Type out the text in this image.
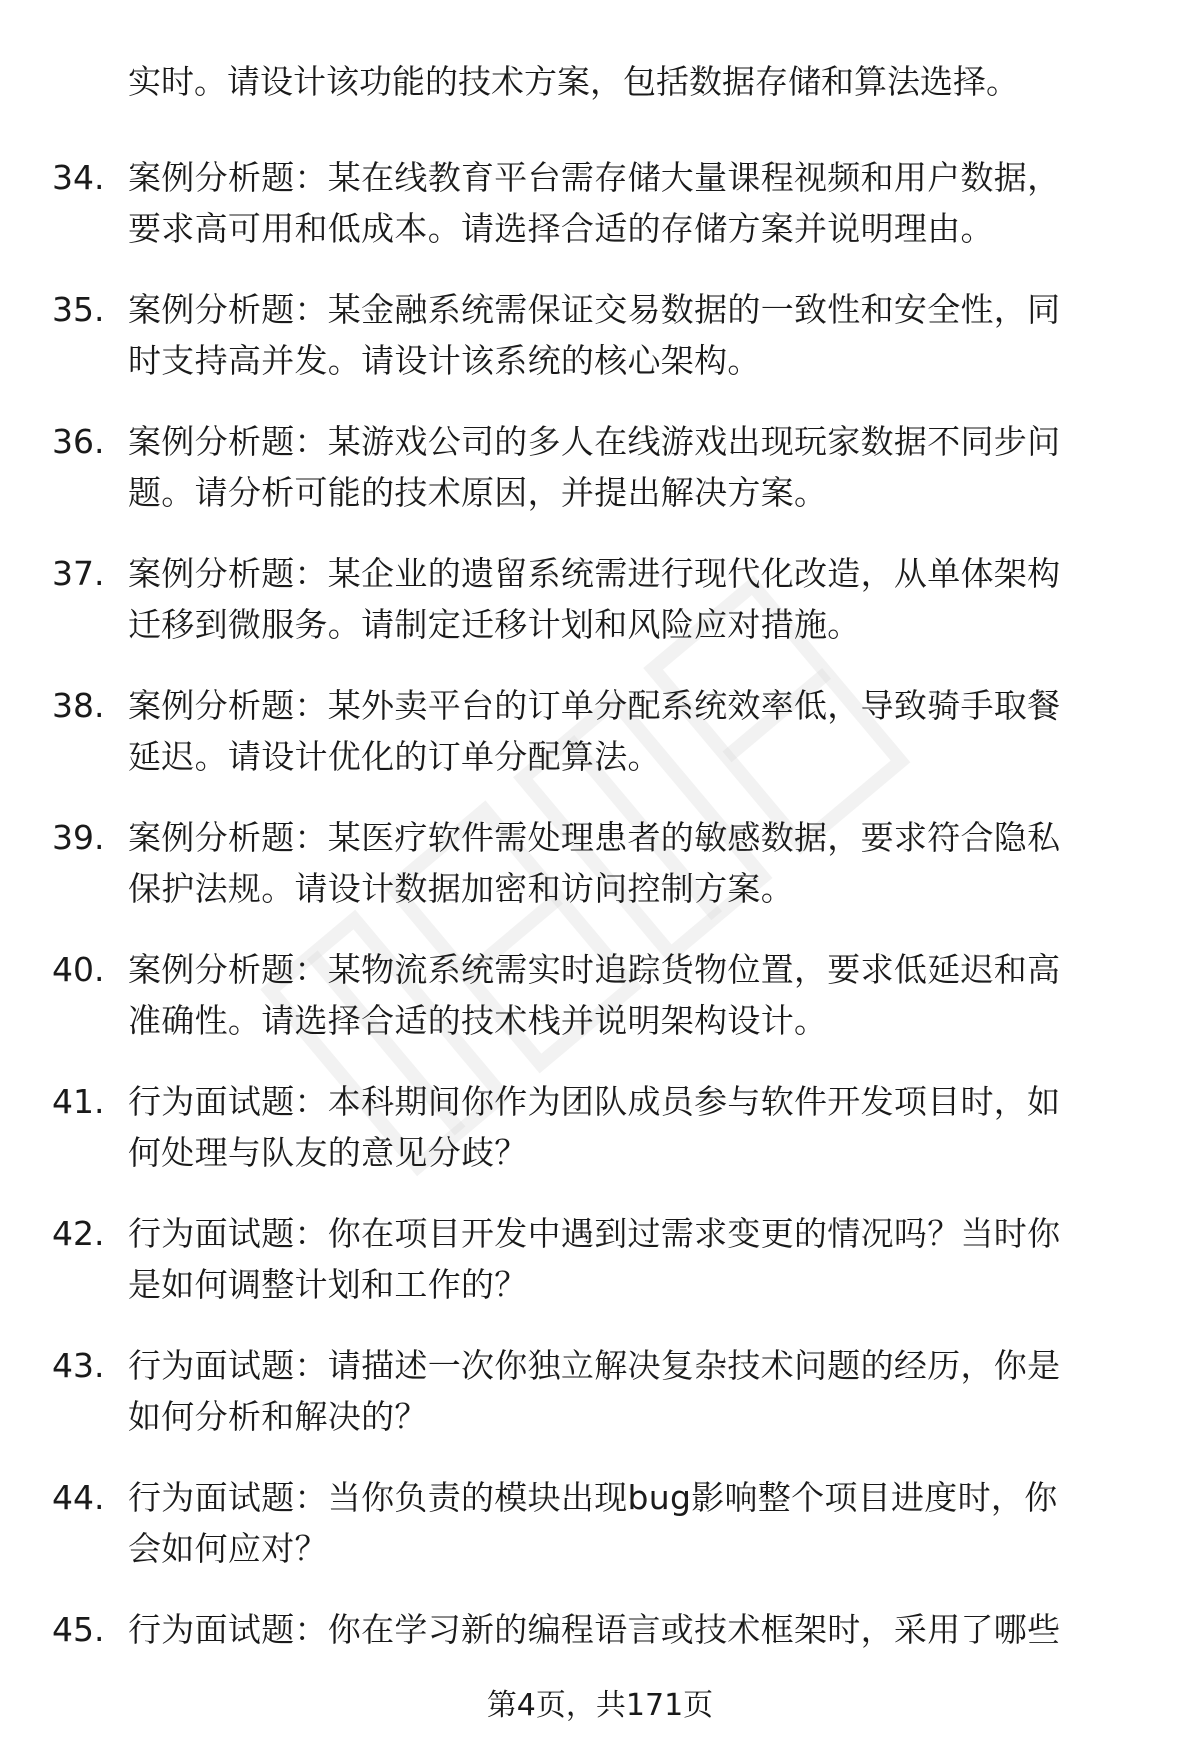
实时。请设计该功能的技术方案，包括数据存储和算法选择。
34. 案例分析题：某在线教育平台需存储大量课程视频和用户数据，
要求高可用和低成本。请选择合适的存储方案并说明理由。
35. 案例分析题：某金融系统需保证交易数据的一致性和安全性，同
时支持高并发。请设计该系统的核心架构。
36. 案例分析题：某游戏公司的多人在线游戏出现玩家数据不同步问
题。请分析可能的技术原因，并提出解决方案。
37. 案例分析题：某企业的遗留系统需进行现代化改造，从单体架构
迁移到微服务。请制定迁移计划和风险应对措施。
38. 案例分析题：某外卖平台的订单分配系统效率低，导致骑手取餐
延迟。请设计优化的订单分配算法。
39. 案例分析题：某医疗软件需处理患者的敏感数据，要求符合隐私
保护法规。请设计数据加密和访问控制方案。
40. 案例分析题：某物流系统需实时追踪货物位置，要求低延迟和高
准确性。请选择合适的技术栈并说明架构设计。
41. 行为面试题：本科期间你作为团队成员参与软件开发项目时，如
何处理与队友的意见分歧？
42. 行为面试题：你在项目开发中遇到过需求变更的情况吗？当时你
是如何调整计划和工作的？
43. 行为面试题：请描述一次你独立解决复杂技术问题的经历，你是
如何分析和解决的？
44. 行为面试题：当你负责的模块出现bug影响整个项目进度时，你
会如何应对？
45. 行为面试题：你在学习新的编程语言或技术框架时，采用了哪些
第4页，共171页
